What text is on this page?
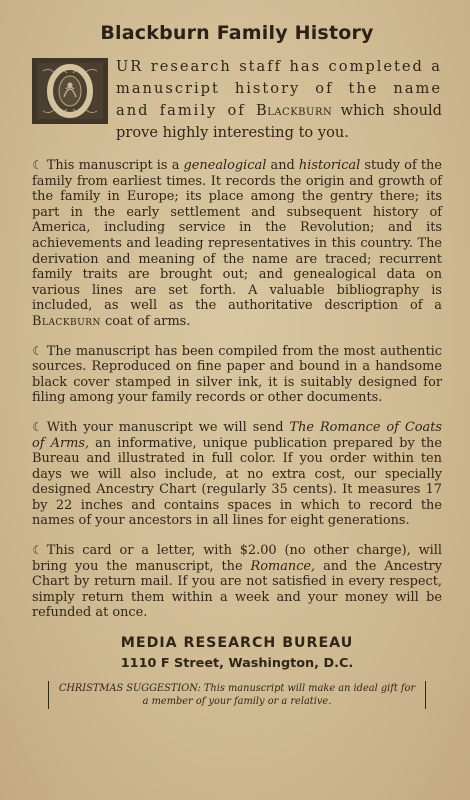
Blackburn Family History
UR research staff has completed a manuscript history of the name and family of Blackburn which should prove highly interesting to you.
☾ This manuscript is a genealogical and historical study of the family from earliest times. It records the origin and growth of the family in Europe; its place among the gentry there; its part in the early settlement and subsequent history of America, including service in the Revolution; and its achievements and leading representatives in this country. The derivation and meaning of the name are traced; recurrent family traits are brought out; and genealogical data on various lines are set forth. A valuable bibliography is included, as well as the authoritative description of a Blackburn coat of arms.
☾ The manuscript has been compiled from the most authentic sources. Reproduced on fine paper and bound in a handsome black cover stamped in silver ink, it is suitably designed for filing among your family records or other documents.
☾ With your manuscript we will send The Romance of Coats of Arms, an informative, unique publication prepared by the Bureau and illustrated in full color. If you order within ten days we will also include, at no extra cost, our specially designed Ancestry Chart (regularly 35 cents). It measures 17 by 22 inches and contains spaces in which to record the names of your ancestors in all lines for eight generations.
☾ This card or a letter, with $2.00 (no other charge), will bring you the manuscript, the Romance, and the Ancestry Chart by return mail. If you are not satisfied in every respect, simply return them within a week and your money will be refunded at once.
MEDIA RESEARCH BUREAU
1110 F Street, Washington, D.C.
CHRISTMAS SUGGESTION: This manuscript will make an ideal gift for a member of your family or a relative.
